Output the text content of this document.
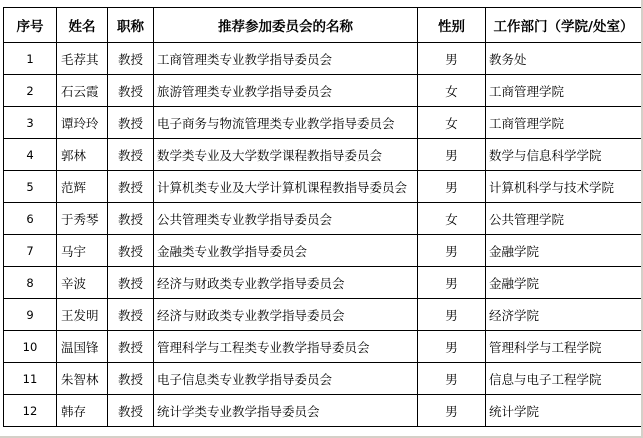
序号	姓名	职称	推荐参加委员会的名称	性别	工作部门（学院/处室）
1	毛荐其	教授	工商管理类专业教学指导委员会	男	教务处
2	石云霞	教授	旅游管理类专业教学指导委员会	女	工商管理学院
3	谭玲玲	教授	电子商务与物流管理类专业教学指导委员会	女	工商管理学院
4	郭林	教授	数学类专业及大学数学课程教指导委员会	男	数学与信息科学学院
5	范辉	教授	计算机类专业及大学计算机课程教指导委员会	男	计算机科学与技术学院
6	于秀琴	教授	公共管理类专业教学指导委员会	女	公共管理学院
7	马宇	教授	金融类专业教学指导委员会	男	金融学院
8	辛波	教授	经济与财政类专业教学指导委员会	男	金融学院
9	王发明	教授	经济与财政类专业教学指导委员会	男	经济学院
10	温国锋	教授	管理科学与工程类专业教学指导委员会	男	管理科学与工程学院
11	朱智林	教授	电子信息类专业教学指导委员会	男	信息与电子工程学院
12	韩存	教授	统计学类专业教学指导委员会	男	统计学院
